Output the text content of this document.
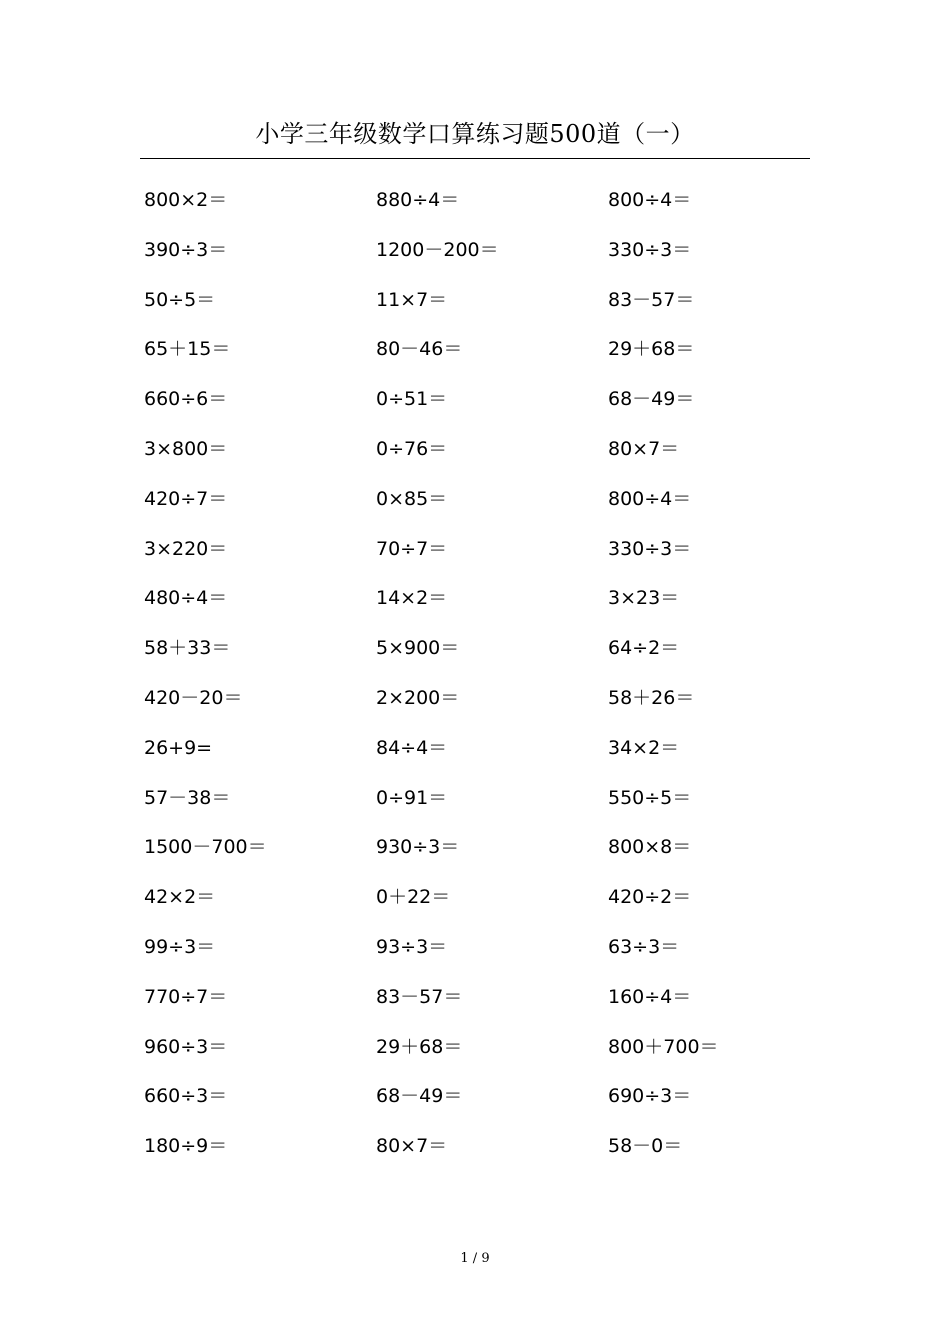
小学三年级数学口算练习题500道（一）
800×2＝	880÷4＝	800÷4＝
390÷3＝	1200－200＝	330÷3＝
50÷5＝	11×7＝	83－57＝
65＋15＝	80－46＝	29＋68＝
660÷6＝	0÷51＝	68－49＝
3×800＝	0÷76＝	80×7＝
420÷7＝	0×85＝	800÷4＝
3×220＝	70÷7＝	330÷3＝
480÷4＝	14×2＝	3×23＝
58＋33＝	5×900＝	64÷2＝
420－20＝	2×200＝	58＋26＝
26+9=	84÷4＝	34×2＝
57－38＝	0÷91＝	550÷5＝
1500－700＝	930÷3＝	800×8＝
42×2＝	0＋22＝	420÷2＝
99÷3＝	93÷3＝	63÷3＝
770÷7＝	83－57＝	160÷4＝
960÷3＝	29＋68＝	800＋700＝
660÷3＝	68－49＝	690÷3＝
180÷9＝	80×7＝	58－0＝
1 / 9
